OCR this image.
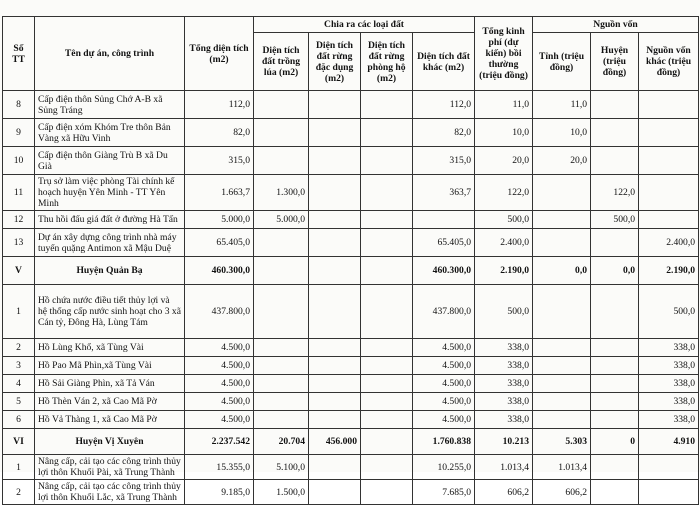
Số TT	Tên dự án, công trình	Tổng diện tích (m2)	Chia ra các loại đất				Tổng kinh phí (dự kiến) bồi thường (triệu đồng)	Nguồn vốn		
			Diện tích đất trồng lúa (m2)	Diện tích đất rừng đặc dụng (m2)	Diện tích đất rừng phòng hộ (m2)	Diện tích đất khác (m2)		Tỉnh (triệu đồng)	Huyện (triệu đồng)	Nguồn vốn khác (triệu đồng)
8	Cấp điện thôn Sủng Chớ A-B xã Sủng Tráng	112,0				112,0	11,0	11,0		
9	Cấp điện xóm Khóm Tre thôn Bản Vàng xã Hữu Vinh	82,0				82,0	10,0	10,0		
10	Cấp điện thôn Giàng Trù B xã Du Già	315,0				315,0	20,0	20,0		
11	Trụ sở làm việc phòng Tài chính kế hoạch huyện Yên Minh - TT Yên Minh	1.663,7	1.300,0			363,7	122,0		122,0	
12	Thu hồi đấu giá đất ở đường Hà Tấn	5.000,0	5.000,0				500,0		500,0	
13	Dự án xây dựng công trình nhà máy tuyển quặng Antimon xã Mậu Duệ	65.405,0				65.405,0	2.400,0			2.400,0
V	Huyện Quản Bạ	460.300,0				460.300,0	2.190,0	0,0	0,0	2.190,0
1	Hồ chứa nước điều tiết thủy lợi và hệ thống cấp nước sinh hoạt cho 3 xã Cán tỷ, Đông Hà, Lùng Tám	437.800,0				437.800,0	500,0			500,0
2	Hồ Lùng Khổ, xã Tùng Vài	4.500,0				4.500,0	338,0			338,0
3	Hồ Pao Mã Phìn,xã Tùng Vài	4.500,0				4.500,0	338,0			338,0
4	Hồ Sải Giàng Phìn, xã Tả Ván	4.500,0				4.500,0	338,0			338,0
5	Hồ Thèn Ván 2, xã Cao Mã Pờ	4.500,0				4.500,0	338,0			338,0
6	Hồ Vả Thàng 1, xã Cao Mã Pờ	4.500,0				4.500,0	338,0			338,0
VI	Huyện Vị Xuyên	2.237.542	20.704	456.000		1.760.838	10.213	5.303	0	4.910
1	Nâng cấp, cải tạo các công trình thủy lợi thôn Khuổi Pài, xã Trung Thành	15.355,0	5.100,0			10.255,0	1.013,4	1.013,4		
2	Nâng cấp, cải tạo các công trình thủy lợi thôn Khuổi Lắc, xã Trung Thành	9.185,0	1.500,0			7.685,0	606,2	606,2		
